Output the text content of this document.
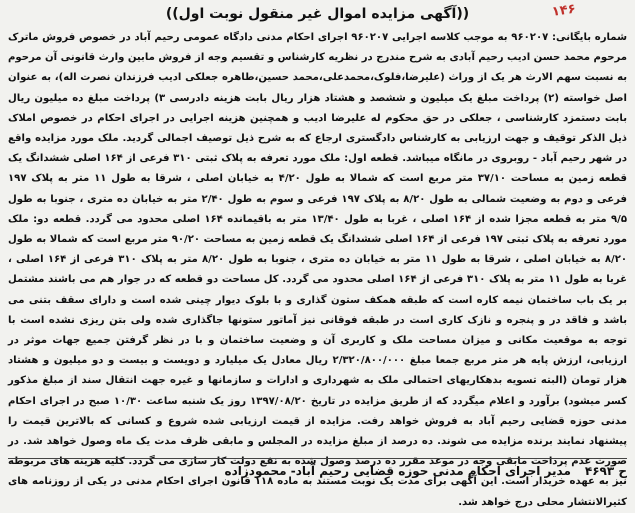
۱۴۶
((آگهی مزایده اموال غیر منقول نوبت اول))
شماره بایگانی: ۹۶۰۲۰۷ به موجب کلاسه اجرایی ۹۶۰۲۰۷ اجرای احکام مدنی دادگاه عمومی رحیم آباد در خصوص فروش ماترک مرحوم محمد حسن ادیب رحیم آبادی به شرح مندرج در نظریه کارشناس و تقسیم وجه از فروش مابین وارث قانونی آن مرحوم به نسبت سهم الارث هر یک از وراث (علیرضا،فلوک،محمدعلی،محمد حسین،طاهره جعلکی ادیب فرزندان نصرت اله)، به عنوان اصل خواسته (۲) پرداخت مبلغ یک میلیون و ششصد و هشتاد هزار ریال بابت هزینه دادرسی ۳) پرداخت مبلغ ده میلیون ریال بابت دستمزد کارشناسی ، جعلکی در حق محکوم له علیرضا ادیب و همچنین هزینه اجرایی در اجرای احکام در خصوص املاک ذیل الذکر توقیف و جهت ارزیابی به کارشناس دادگستری ارجاع که به شرح ذیل توصیف اجمالی گردید. ملک مورد مزایده واقع در شهر رحیم آباد - روبروی در مانگاه میباشد. قطعه اول: ملک مورد تعرفه به پلاک ثبتی ۳۱۰ فرعی از ۱۶۴ اصلی ششدانگ یک قطعه زمین به مساحت ۳۷/۱۰ متر مربع است که شمالا به طول ۴/۲۰ به خیابان اصلی ، شرقا به طول ۱۱ متر به پلاک ۱۹۷ فرعی و دوم به وضعیت شمالی به طول ۸/۲۰ به پلاک ۱۹۷ فرعی و سوم به طول ۲/۴۰ متر به خیابان ده متری ، جنوبا به طول ۹/۵ متر به قطعه مجزا شده از ۱۶۴ اصلی ، غربا به طول ۱۳/۴۰ متر به باقیمانده ۱۶۴ اصلی محدود می گردد. قطعه دو: ملک مورد تعرفه به پلاک ثبتی ۱۹۷ فرعی از ۱۶۴ اصلی ششدانگ یک قطعه زمین به مساحت ۹۰/۲۰ متر مربع است که شمالا به طول ۸/۲۰ به خیابان اصلی ، شرقا به طول ۱۱ متر به خیابان ده متری ، جنوبا به طول ۸/۲۰ متر به پلاک ۳۱۰ فرعی از ۱۶۴ اصلی ، غربا به طول ۱۱ متر به پلاک ۳۱۰ فرعی از ۱۶۴ اصلی محدود می گردد. کل مساحت دو قطعه که در جوار هم می باشند مشتمل بر یک باب ساختمان نیمه کاره است که طبقه همکف ستون گذاری و با بلوک دیوار چینی شده است و دارای سقف بتنی می باشد و فاقد در و پنجره و نازک کاری است در طبقه فوقانی نیز آماتور ستونها جاگذاری شده ولی بتن ریزی نشده است با توجه به موقعیت مکانی و میزان مساحت ملک و کاربری آن و وضعیت ساختمان و با در نظر گرفتن جمیع جهات موثر در ارزیابی، ارزش پایه هر متر مربع جمعا مبلغ ۲/۳۲۰/۸۰۰/۰۰۰ ریال معادل یک میلیارد و دویست و بیست و دو میلیون و هشتاد هزار تومان (البته تسویه بدهکاریهای احتمالی ملک به شهرداری و ادارات و سازمانها و غیره جهت انتقال سند از مبلغ مذکور کسر میشود) برآورد و اعلام میگردد که از طریق مزایده در تاریخ ۱۳۹۷/۰۸/۲۰ روز یک شنبه ساعت ۱۰/۳۰ صبح در اجرای احکام مدنی حوزه قضایی رحیم آباد به فروش خواهد رفت. مزایده از قیمت ارزیابی شده شروع و کسانی که بالاترین قیمت را پیشنهاد نمایند برنده مزایده می شوند. ده درصد از مبلغ مزایده در المجلس و مابقی ظرف مدت یک ماه وصول خواهد شد. در صورت عدم پرداخت مابقی وجه در موعد مقرر ده درصد وصول شده به نفع دولت کار سازی می گردد. کلیه هزینه های مربوطه نیز به عهده خریدار است. این آگهی برای مدت یک نوبت مستند به ماده ۱۱۸ قانون اجرای احکام مدنی در یکی از روزنامه های کثیرالانتشار محلی درج خواهد شد.
ح ۴۶۹۳
مدیر اجرای احکام مدنی حوزه قضایی رحیم آباد- محمودزاده
